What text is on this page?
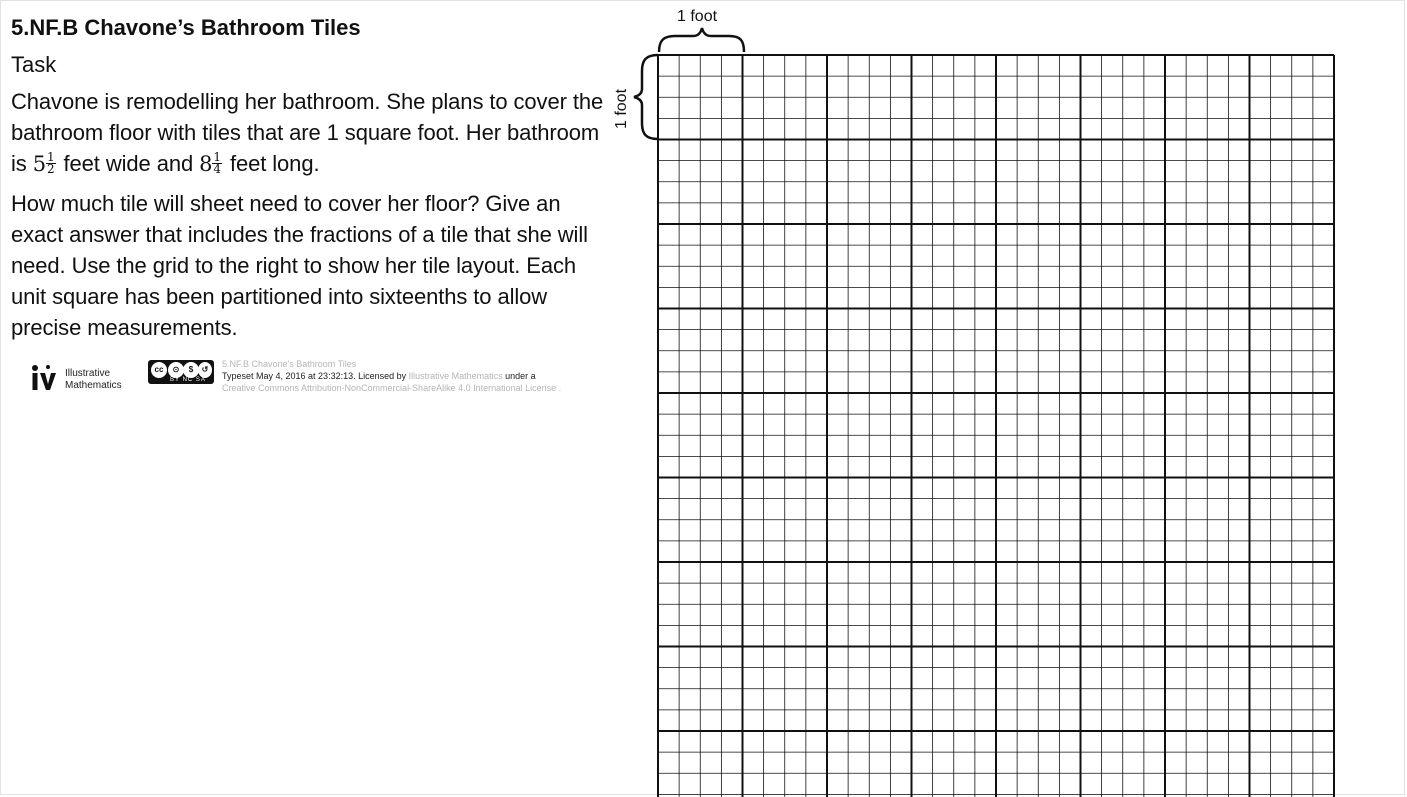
5.NF.B Chavone’s Bathroom Tiles
Task
Chavone is remodelling her bathroom. She plans to cover the bathroom floor with tiles that are 1 square foot. Her bathroom is $5 \frac{1}{2}$ feet wide and $8 \frac{1}{4}$ feet long.
How much tile will sheet need to cover her floor? Give an exact answer that includes the fractions of a tile that she will need. Use the grid to the right to show her tile layout. Each unit square has been partitioned into sixteenths to allow precise measurements.
Illustrative
Mathematics
cc	⊙	$	↺
BY NC SA
5.NF.B Chavone's Bathroom Tiles
Typeset May 4, 2016 at 23:32:13. Licensed by Illustrative Mathematics under a
Creative Commons Attribution-NonCommercial-ShareAlike 4.0 International License .
1 foot
1 foot
